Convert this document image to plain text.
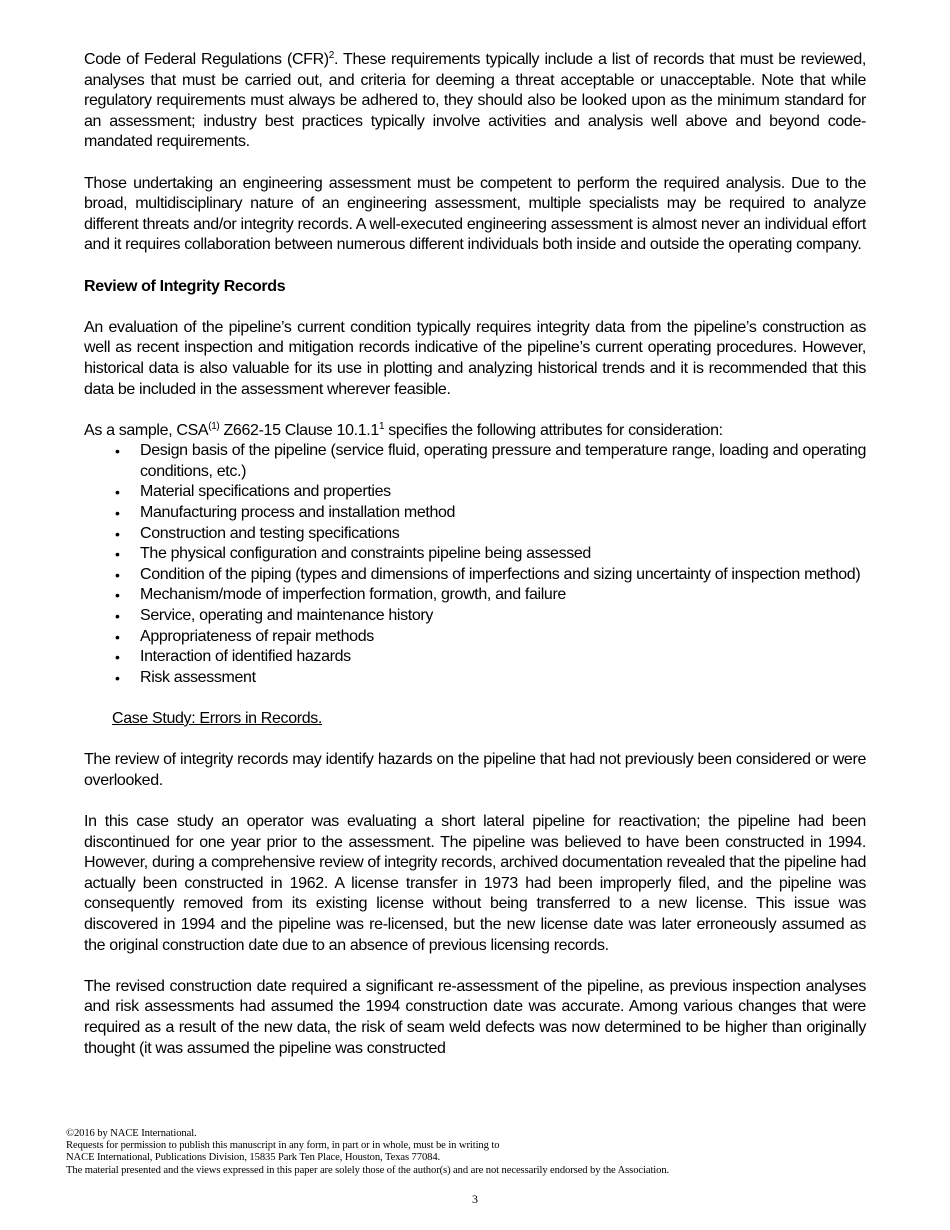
Code of Federal Regulations (CFR)$^2$. These requirements typically include a list of records that must be reviewed, analyses that must be carried out, and criteria for deeming a threat acceptable or unacceptable. Note that while regulatory requirements must always be adhered to, they should also be looked upon as the minimum standard for an assessment; industry best practices typically involve activities and analysis well above and beyond code-mandated requirements.

Those undertaking an engineering assessment must be competent to perform the required analysis. Due to the broad, multidisciplinary nature of an engineering assessment, multiple specialists may be required to analyze different threats and/or integrity records. A well-executed engineering assessment is almost never an individual effort and it requires collaboration between numerous different individuals both inside and outside the operating company.

Review of Integrity Records

An evaluation of the pipeline’s current condition typically requires integrity data from the pipeline’s construction as well as recent inspection and mitigation records indicative of the pipeline’s current operating procedures. However, historical data is also valuable for its use in plotting and analyzing historical trends and it is recommended that this data be included in the assessment wherever feasible.

As a sample, CSA$^{(1)}$ Z662-15 Clause 10.1.1$^1$ specifies the following attributes for consideration:

• Design basis of the pipeline (service fluid, operating pressure and temperature range, loading and operating conditions, etc.)
• Material specifications and properties
• Manufacturing process and installation method
• Construction and testing specifications
• The physical configuration and constraints pipeline being assessed
• Condition of the piping (types and dimensions of imperfections and sizing uncertainty of inspection method)
• Mechanism/mode of imperfection formation, growth, and failure
• Service, operating and maintenance history
• Appropriateness of repair methods
• Interaction of identified hazards
• Risk assessment

Case Study: Errors in Records.

The review of integrity records may identify hazards on the pipeline that had not previously been considered or were overlooked.

In this case study an operator was evaluating a short lateral pipeline for reactivation; the pipeline had been discontinued for one year prior to the assessment. The pipeline was believed to have been constructed in 1994. However, during a comprehensive review of integrity records, archived documentation revealed that the pipeline had actually been constructed in 1962. A license transfer in 1973 had been improperly filed, and the pipeline was consequently removed from its existing license without being transferred to a new license. This issue was discovered in 1994 and the pipeline was re-licensed, but the new license date was later erroneously assumed as the original construction date due to an absence of previous licensing records.

The revised construction date required a significant re-assessment of the pipeline, as previous inspection analyses and risk assessments had assumed the 1994 construction date was accurate. Among various changes that were required as a result of the new data, the risk of seam weld defects was now determined to be higher than originally thought (it was assumed the pipeline was constructed

©2016 by NACE International.
Requests for permission to publish this manuscript in any form, in part or in whole, must be in writing to
NACE International, Publications Division, 15835 Park Ten Place, Houston, Texas 77084.
The material presented and the views expressed in this paper are solely those of the author(s) and are not necessarily endorsed by the Association.
3
